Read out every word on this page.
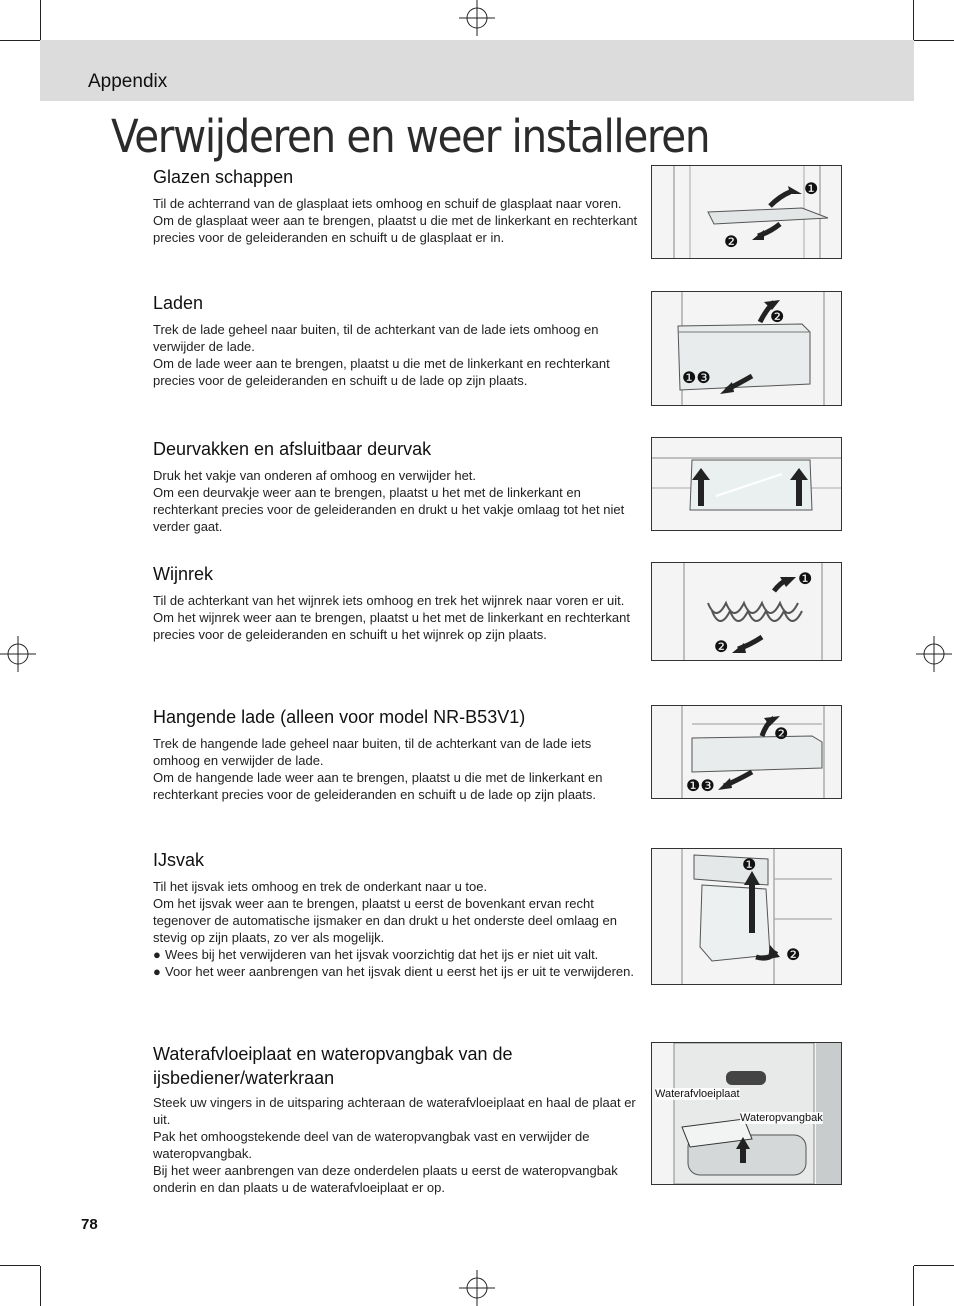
Appendix
Verwijderen en weer installeren
Glazen schappen

Til de achterrand van de glasplaat iets omhoog en schuif de glasplaat naar voren.

Om de glasplaat weer aan te brengen, plaatst u die met de linkerkant en rechterkant precies voor de geleideranden en schuift u de glasplaat er in.

❶
❷
Laden

Trek de lade geheel naar buiten, til de achterkant van de lade iets omhoog en verwijder de lade.

Om de lade weer aan te brengen, plaatst u die met de linkerkant en rechterkant precies voor de geleideranden en schuift u de lade op zijn plaats.

❷
❶❸
Deurvakken en afsluitbaar deurvak

Druk het vakje van onderen af omhoog en verwijder het.

Om een deurvakje weer aan te brengen, plaatst u het met de linkerkant en rechterkant precies voor de geleideranden en drukt u het vakje omlaag tot het niet verder gaat.

Wijnrek

Til de achterkant van het wijnrek iets omhoog en trek het wijnrek naar voren er uit.

Om het wijnrek weer aan te brengen, plaatst u het met de linkerkant en rechterkant precies voor de geleideranden en schuift u het wijnrek op zijn plaats.

❶
❷
Hangende lade (alleen voor model NR-B53V1)

Trek de hangende lade geheel naar buiten, til de achterkant van de lade iets omhoog en verwijder de lade.

Om de hangende lade weer aan te brengen, plaatst u die met de linkerkant en rechterkant precies voor de geleideranden en schuift u de lade op zijn plaats.

❷
❶❸
IJsvak

Til het ijsvak iets omhoog en trek de onderkant naar u toe.

Om het ijsvak weer aan te brengen, plaatst u eerst de bovenkant ervan recht tegenover de automatische ijsmaker en dan drukt u het onderste deel omlaag en stevig op zijn plaats, zo ver als mogelijk.

● Wees bij het verwijderen van het ijsvak voorzichtig dat het ijs er niet uit valt.
● Voor het weer aanbrengen van het ijsvak dient u eerst het ijs er uit te verwijderen.
❶
❷
Waterafvloeiplaat en wateropvangbak van de
ijsbediener/waterkraan

Steek uw vingers in de uitsparing achteraan de waterafvloeiplaat en haal de plaat er uit.

Pak het omhoogstekende deel van de wateropvangbak vast en verwijder de wateropvangbak.

Bij het weer aanbrengen van deze onderdelen plaats u eerst de wateropvangbak onderin en dan plaats u de waterafvloeiplaat er op.

Waterafvloeiplaat
Wateropvangbak
78
